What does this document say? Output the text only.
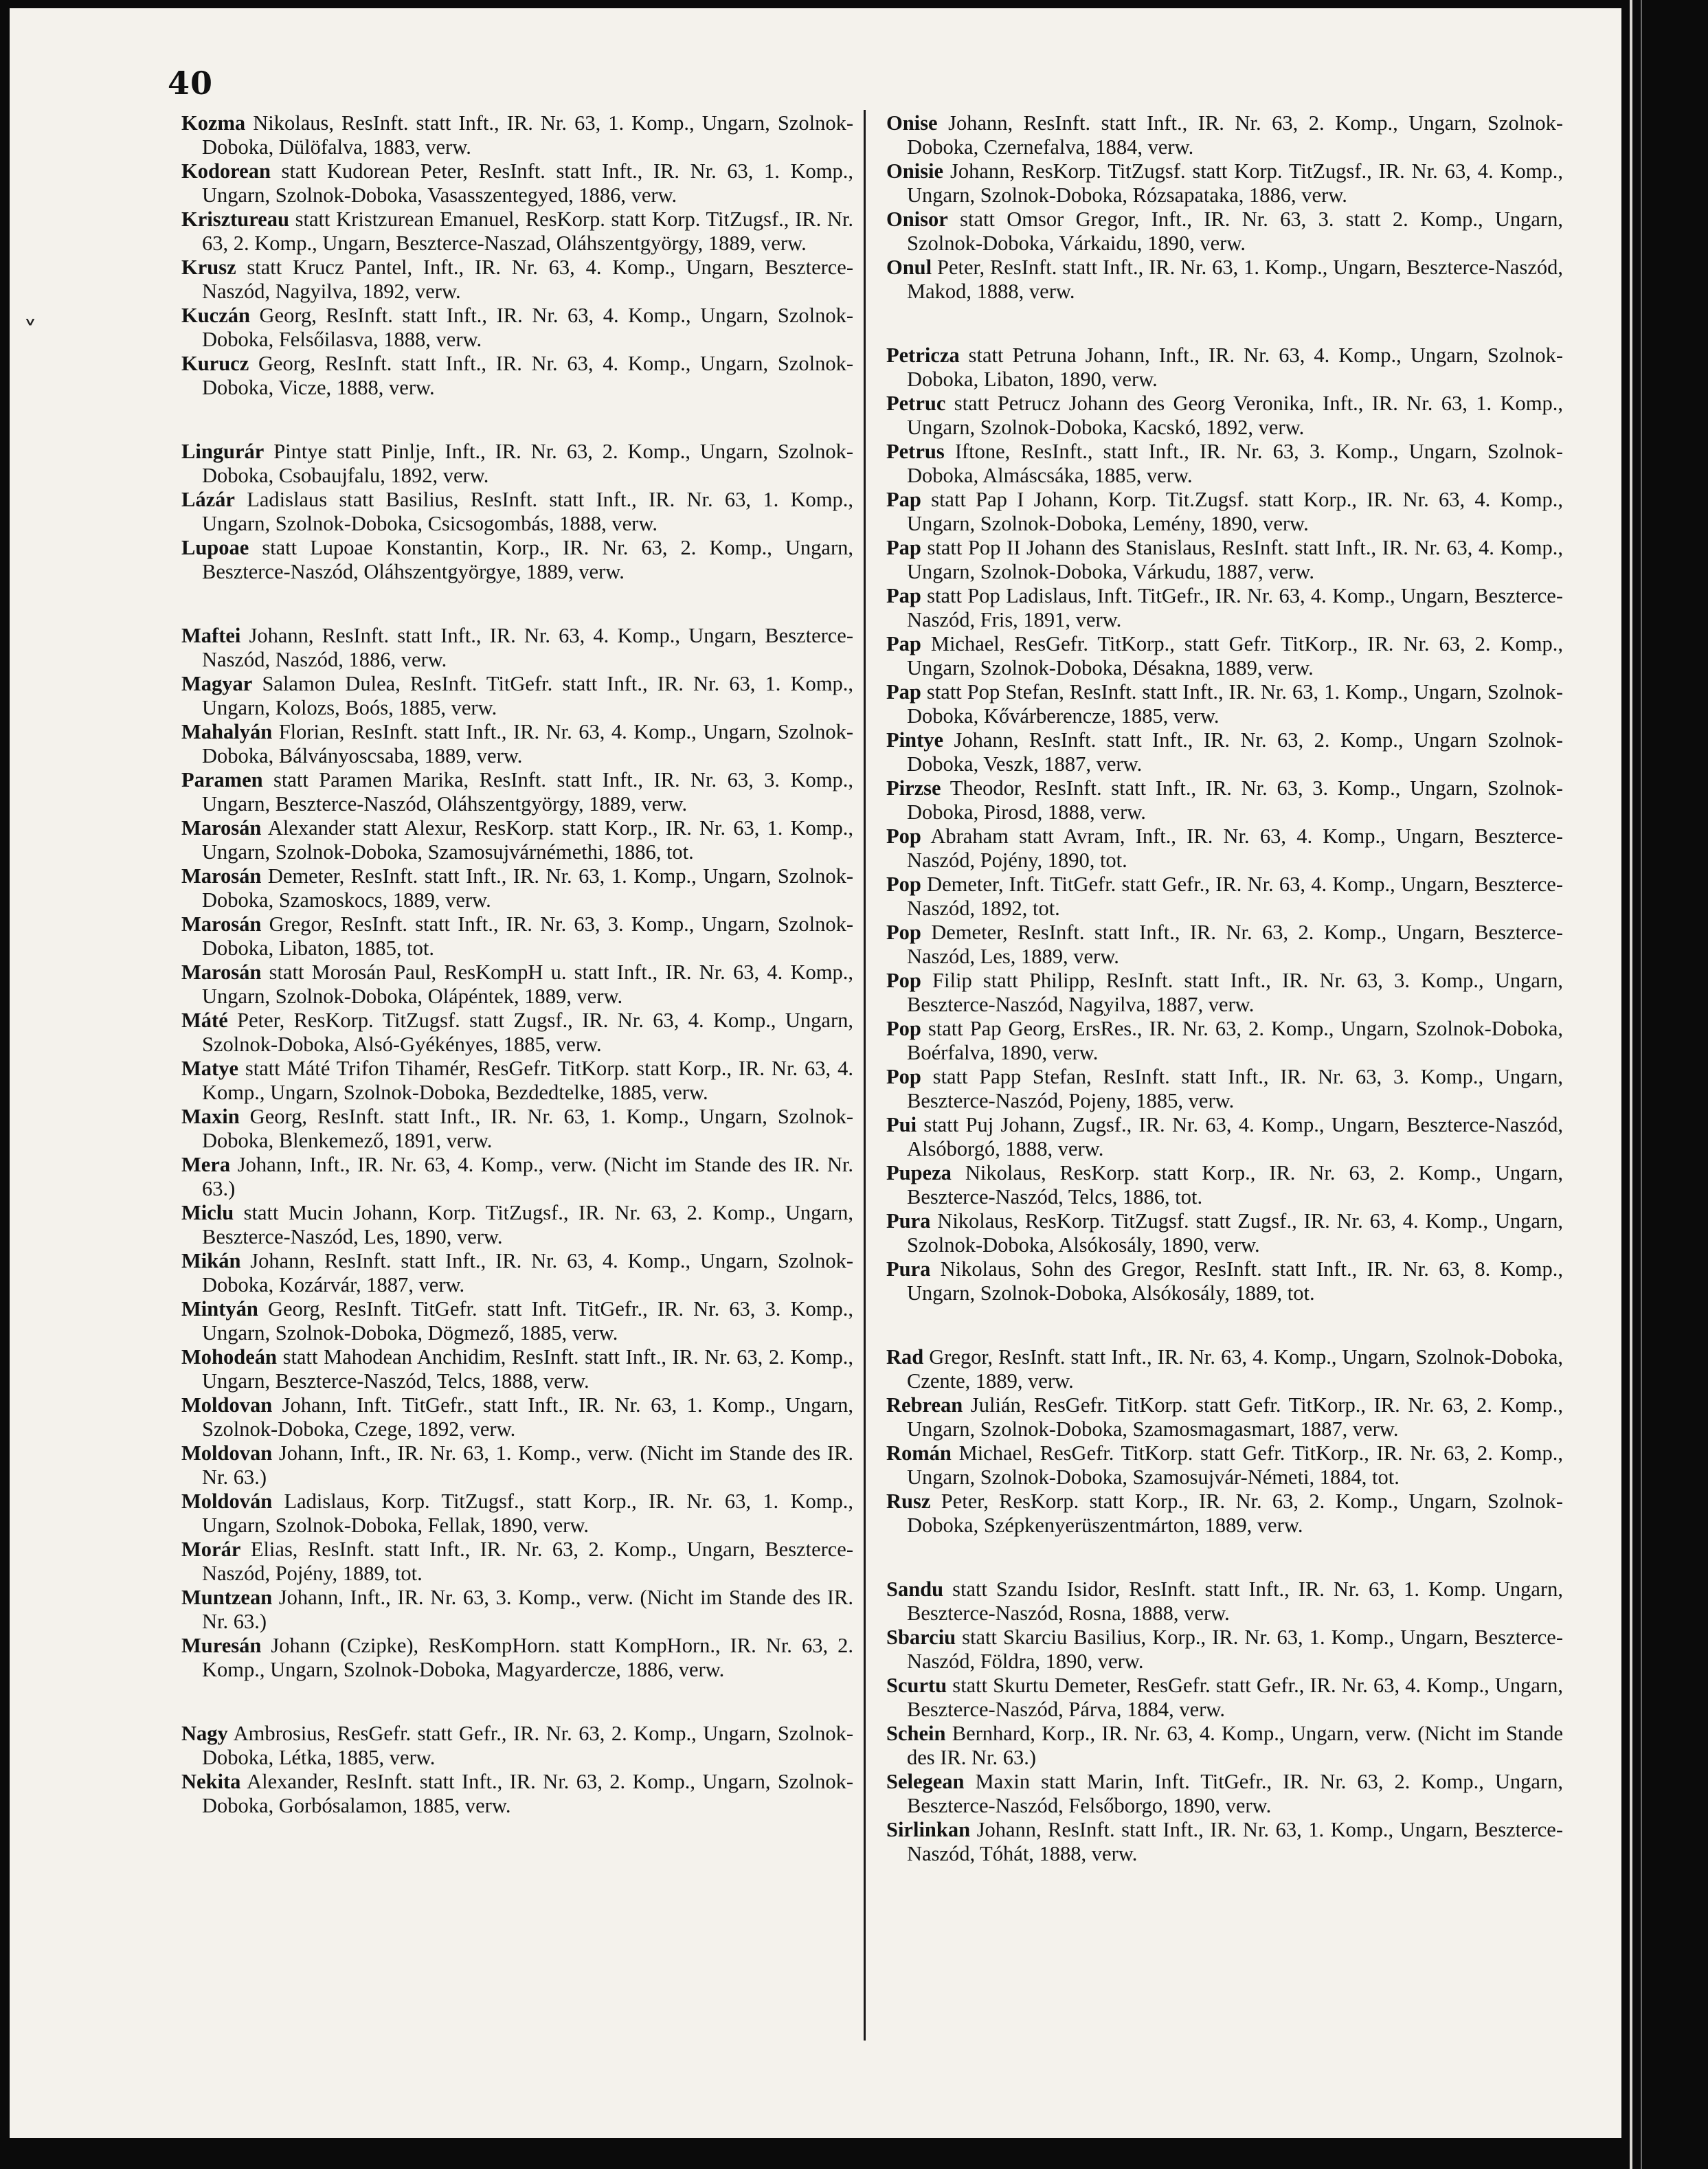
40
˅

Kozma Nikolaus, ResInft. statt Inft., IR. Nr. 63, 1. Komp., Ungarn, Szolnok-Doboka, Dülöfalva, 1883, verw.

Kodorean statt Kudorean Peter, ResInft. statt Inft., IR. Nr. 63, 1. Komp., Ungarn, Szolnok-Doboka, Vasasszentegyed, 1886, verw.

Krisztureau statt Kristzurean Emanuel, ResKorp. statt Korp. TitZugsf., IR. Nr. 63, 2. Komp., Ungarn, Beszterce-Naszad, Oláhszentgyörgy, 1889, verw.

Krusz statt Krucz Pantel, Inft., IR. Nr. 63, 4. Komp., Ungarn, Beszterce-Naszód, Nagyilva, 1892, verw.

Kuczán Georg, ResInft. statt Inft., IR. Nr. 63, 4. Komp., Ungarn, Szolnok-Doboka, Felsőilasva, 1888, verw.

Kurucz Georg, ResInft. statt Inft., IR. Nr. 63, 4. Komp., Ungarn, Szolnok-Doboka, Vicze, 1888, verw.

Lingurár Pintye statt Pinlje, Inft., IR. Nr. 63, 2. Komp., Ungarn, Szolnok-Doboka, Csobaujfalu, 1892, verw.

Lázár Ladislaus statt Basilius, ResInft. statt Inft., IR. Nr. 63, 1. Komp., Ungarn, Szolnok-Doboka, Csicsogombás, 1888, verw.

Lupoae statt Lupoae Konstantin, Korp., IR. Nr. 63, 2. Komp., Ungarn, Beszterce-Naszód, Oláhszentgyörgye, 1889, verw.

Maftei Johann, ResInft. statt Inft., IR. Nr. 63, 4. Komp., Ungarn, Beszterce-Naszód, Naszód, 1886, verw.

Magyar Salamon Dulea, ResInft. TitGefr. statt Inft., IR. Nr. 63, 1. Komp., Ungarn, Kolozs, Boós, 1885, verw.

Mahalyán Florian, ResInft. statt Inft., IR. Nr. 63, 4. Komp., Ungarn, Szolnok-Doboka, Bálványoscsaba, 1889, verw.

Paramen statt Paramen Marika, ResInft. statt Inft., IR. Nr. 63, 3. Komp., Ungarn, Beszterce-Naszód, Oláhszentgyörgy, 1889, verw.

Marosán Alexander statt Alexur, ResKorp. statt Korp., IR. Nr. 63, 1. Komp., Ungarn, Szolnok-Doboka, Szamosujvárnémethi, 1886, tot.

Marosán Demeter, ResInft. statt Inft., IR. Nr. 63, 1. Komp., Ungarn, Szolnok-Doboka, Szamoskocs, 1889, verw.

Marosán Gregor, ResInft. statt Inft., IR. Nr. 63, 3. Komp., Ungarn, Szolnok-Doboka, Libaton, 1885, tot.

Marosán statt Morosán Paul, ResKompH u. statt Inft., IR. Nr. 63, 4. Komp., Ungarn, Szolnok-Doboka, Olápéntek, 1889, verw.

Máté Peter, ResKorp. TitZugsf. statt Zugsf., IR. Nr. 63, 4. Komp., Ungarn, Szolnok-Doboka, Alsó-Gyékényes, 1885, verw.

Matye statt Máté Trifon Tihamér, ResGefr. TitKorp. statt Korp., IR. Nr. 63, 4. Komp., Ungarn, Szolnok-Doboka, Bezdedtelke, 1885, verw.

Maxin Georg, ResInft. statt Inft., IR. Nr. 63, 1. Komp., Ungarn, Szolnok-Doboka, Blenkemező, 1891, verw.

Mera Johann, Inft., IR. Nr. 63, 4. Komp., verw. (Nicht im Stande des IR. Nr. 63.)

Miclu statt Mucin Johann, Korp. TitZugsf., IR. Nr. 63, 2. Komp., Ungarn, Beszterce-Naszód, Les, 1890, verw.

Mikán Johann, ResInft. statt Inft., IR. Nr. 63, 4. Komp., Ungarn, Szolnok-Doboka, Kozárvár, 1887, verw.

Mintyán Georg, ResInft. TitGefr. statt Inft. TitGefr., IR. Nr. 63, 3. Komp., Ungarn, Szolnok-Doboka, Dögmező, 1885, verw.

Mohodeán statt Mahodean Anchidim, ResInft. statt Inft., IR. Nr. 63, 2. Komp., Ungarn, Beszterce-Naszód, Telcs, 1888, verw.

Moldovan Johann, Inft. TitGefr., statt Inft., IR. Nr. 63, 1. Komp., Ungarn, Szolnok-Doboka, Czege, 1892, verw.

Moldovan Johann, Inft., IR. Nr. 63, 1. Komp., verw. (Nicht im Stande des IR. Nr. 63.)

Moldován Ladislaus, Korp. TitZugsf., statt Korp., IR. Nr. 63, 1. Komp., Ungarn, Szolnok-Doboka, Fellak, 1890, verw.

Morár Elias, ResInft. statt Inft., IR. Nr. 63, 2. Komp., Ungarn, Beszterce-Naszód, Pojény, 1889, tot.

Muntzean Johann, Inft., IR. Nr. 63, 3. Komp., verw. (Nicht im Stande des IR. Nr. 63.)

Muresán Johann (Czipke), ResKompHorn. statt KompHorn., IR. Nr. 63, 2. Komp., Ungarn, Szolnok-Doboka, Magyardercze, 1886, verw.

Nagy Ambrosius, ResGefr. statt Gefr., IR. Nr. 63, 2. Komp., Ungarn, Szolnok-Doboka, Létka, 1885, verw.

Nekita Alexander, ResInft. statt Inft., IR. Nr. 63, 2. Komp., Ungarn, Szolnok-Doboka, Gorbósalamon, 1885, verw.

Onise Johann, ResInft. statt Inft., IR. Nr. 63, 2. Komp., Ungarn, Szolnok-Doboka, Czernefalva, 1884, verw.

Onisie Johann, ResKorp. TitZugsf. statt Korp. TitZugsf., IR. Nr. 63, 4. Komp., Ungarn, Szolnok-Doboka, Rózsapataka, 1886, verw.

Onisor statt Omsor Gregor, Inft., IR. Nr. 63, 3. statt 2. Komp., Ungarn, Szolnok-Doboka, Várkaidu, 1890, verw.

Onul Peter, ResInft. statt Inft., IR. Nr. 63, 1. Komp., Ungarn, Beszterce-Naszód, Makod, 1888, verw.

Petricza statt Petruna Johann, Inft., IR. Nr. 63, 4. Komp., Ungarn, Szolnok-Doboka, Libaton, 1890, verw.

Petruc statt Petrucz Johann des Georg Veronika, Inft., IR. Nr. 63, 1. Komp., Ungarn, Szolnok-Doboka, Kacskó, 1892, verw.

Petrus Iftone, ResInft., statt Inft., IR. Nr. 63, 3. Komp., Ungarn, Szolnok-Doboka, Almáscsáka, 1885, verw.

Pap statt Pap I Johann, Korp. Tit.Zugsf. statt Korp., IR. Nr. 63, 4. Komp., Ungarn, Szolnok-Doboka, Lemény, 1890, verw.

Pap statt Pop II Johann des Stanislaus, ResInft. statt Inft., IR. Nr. 63, 4. Komp., Ungarn, Szolnok-Doboka, Várkudu, 1887, verw.

Pap statt Pop Ladislaus, Inft. TitGefr., IR. Nr. 63, 4. Komp., Ungarn, Beszterce-Naszód, Fris, 1891, verw.

Pap Michael, ResGefr. TitKorp., statt Gefr. TitKorp., IR. Nr. 63, 2. Komp., Ungarn, Szolnok-Doboka, Désakna, 1889, verw.

Pap statt Pop Stefan, ResInft. statt Inft., IR. Nr. 63, 1. Komp., Ungarn, Szolnok-Doboka, Kővárberencze, 1885, verw.

Pintye Johann, ResInft. statt Inft., IR. Nr. 63, 2. Komp., Ungarn Szolnok-Doboka, Veszk, 1887, verw.

Pirzse Theodor, ResInft. statt Inft., IR. Nr. 63, 3. Komp., Ungarn, Szolnok-Doboka, Pirosd, 1888, verw.

Pop Abraham statt Avram, Inft., IR. Nr. 63, 4. Komp., Ungarn, Beszterce-Naszód, Pojény, 1890, tot.

Pop Demeter, Inft. TitGefr. statt Gefr., IR. Nr. 63, 4. Komp., Ungarn, Beszterce-Naszód, 1892, tot.

Pop Demeter, ResInft. statt Inft., IR. Nr. 63, 2. Komp., Ungarn, Beszterce-Naszód, Les, 1889, verw.

Pop Filip statt Philipp, ResInft. statt Inft., IR. Nr. 63, 3. Komp., Ungarn, Beszterce-Naszód, Nagyilva, 1887, verw.

Pop statt Pap Georg, ErsRes., IR. Nr. 63, 2. Komp., Ungarn, Szolnok-Doboka, Boérfalva, 1890, verw.

Pop statt Papp Stefan, ResInft. statt Inft., IR. Nr. 63, 3. Komp., Ungarn, Beszterce-Naszód, Pojeny, 1885, verw.

Pui statt Puj Johann, Zugsf., IR. Nr. 63, 4. Komp., Ungarn, Beszterce-Naszód, Alsóborgó, 1888, verw.

Pupeza Nikolaus, ResKorp. statt Korp., IR. Nr. 63, 2. Komp., Ungarn, Beszterce-Naszód, Telcs, 1886, tot.

Pura Nikolaus, ResKorp. TitZugsf. statt Zugsf., IR. Nr. 63, 4. Komp., Ungarn, Szolnok-Doboka, Alsókosály, 1890, verw.

Pura Nikolaus, Sohn des Gregor, ResInft. statt Inft., IR. Nr. 63, 8. Komp., Ungarn, Szolnok-Doboka, Alsókosály, 1889, tot.

Rad Gregor, ResInft. statt Inft., IR. Nr. 63, 4. Komp., Ungarn, Szolnok-Doboka, Czente, 1889, verw.

Rebrean Julián, ResGefr. TitKorp. statt Gefr. TitKorp., IR. Nr. 63, 2. Komp., Ungarn, Szolnok-Doboka, Szamosmagasmart, 1887, verw.

Román Michael, ResGefr. TitKorp. statt Gefr. TitKorp., IR. Nr. 63, 2. Komp., Ungarn, Szolnok-Doboka, Szamosujvár-Németi, 1884, tot.

Rusz Peter, ResKorp. statt Korp., IR. Nr. 63, 2. Komp., Ungarn, Szolnok-Doboka, Szépkenyerüszentmárton, 1889, verw.

Sandu statt Szandu Isidor, ResInft. statt Inft., IR. Nr. 63, 1. Komp. Ungarn, Beszterce-Naszód, Rosna, 1888, verw.

Sbarciu statt Skarciu Basilius, Korp., IR. Nr. 63, 1. Komp., Ungarn, Beszterce-Naszód, Földra, 1890, verw.

Scurtu statt Skurtu Demeter, ResGefr. statt Gefr., IR. Nr. 63, 4. Komp., Ungarn, Beszterce-Naszód, Párva, 1884, verw.

Schein Bernhard, Korp., IR. Nr. 63, 4. Komp., Ungarn, verw. (Nicht im Stande des IR. Nr. 63.)

Selegean Maxin statt Marin, Inft. TitGefr., IR. Nr. 63, 2. Komp., Ungarn, Beszterce-Naszód, Felsőborgo, 1890, verw.

Sirlinkan Johann, ResInft. statt Inft., IR. Nr. 63, 1. Komp., Ungarn, Beszterce-Naszód, Tóhát, 1888, verw.
